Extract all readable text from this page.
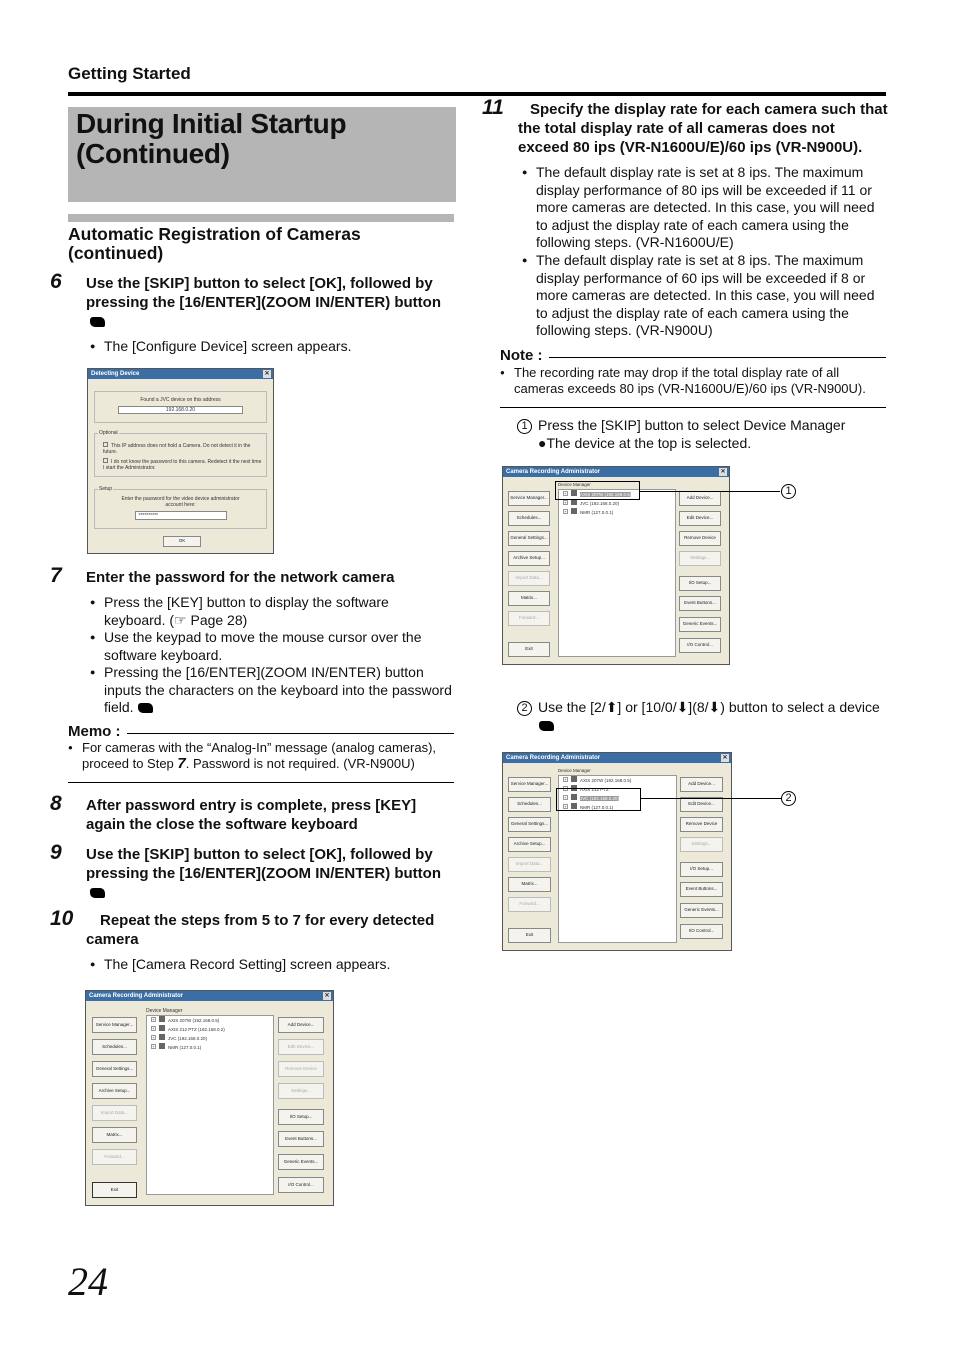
Getting Started
During Initial Startup
(Continued)
Automatic Registration of Cameras
(continued)
6 Use the [SKIP] button to select [OK], followed by pressing the [16/ENTER](ZOOM IN/ENTER) button
● The [Configure Device] screen appears.
Detecting Device	✕
Found a JVC device on this address
192.168.0.20
Optional
This IP address does not hold a Camera. Do not detect it in the future.
I do not know the password to this camera. Redetect it the next time I start the Administrator.
Setup
Enter the password for the video device administrator account here:
**********
OK
7 Enter the password for the network camera
● Press the [KEY] button to display the software keyboard. (☞ Page 28)
● Use the keypad to move the mouse cursor over the software keyboard.
● Pressing the [16/ENTER](ZOOM IN/ENTER) button inputs the characters on the keyboard into the password field.
Memo :
● For cameras with the “Analog-In” message (analog cameras), proceed to Step 7. Password is not required. (VR-N900U)
8 After password entry is complete, press [KEY] again the close the software keyboard
9 Use the [SKIP] button to select [OK], followed by pressing the [16/ENTER](ZOOM IN/ENTER) button
10 Repeat the steps from 5 to 7 for every detected camera
● The [Camera Record Setting] screen appears.
Camera Recording Administrator	✕
Device Manager
+	AXIS 207W (192.168.0.5)
+	AXIS 212 PTZ (192.168.0.2)
+	JVC (192.168.0.20)
+	NMR (127.0.0.1)
Service Manager...
Schedules...
General Settings...
Archive Setup...
Import Data...
Matrix...
Forward...
Exit
Add Device...
Edit Device...
Remove Device
Settings...
I/O Setup...
Event Buttons...
Generic Events...
I/O Control...
24
11 Specify the display rate for each camera such that the total display rate of all cameras does not exceed 80 ips (VR-N1600U/E)/60 ips (VR-N900U).
● The default display rate is set at 8 ips. The maximum display performance of 80 ips will be exceeded if 11 or more cameras are detected. In this case, you will need to adjust the display rate of each camera using the following steps. (VR-N1600U/E)
● The default display rate is set at 8 ips. The maximum display performance of 60 ips will be exceeded if 8 or more cameras are detected. In this case, you will need to adjust the display rate of each camera using the following steps. (VR-N900U)
Note :
● The recording rate may drop if the total display rate of all cameras exceeds 80 ips (VR-N1600U/E)/60 ips (VR-N900U).
1 Press the [SKIP] button to select Device Manager
●The device at the top is selected.
Camera Recording Administrator	✕
Device Manager
+	AXIS 207W (192.168.0.5)
+	JVC (192.168.0.20)
+	NMR (127.0.0.1)
Service Manager...
Schedules...
General Settings...
Archive Setup...
Import Data...
Matrix...
Forward...
Exit
Add Device...
Edit Device...
Remove Device
Settings...
I/O Setup...
Event Buttons...
Generic Events...
I/O Control...
1
2 Use the [2/⬆] or [10/0/⬇](8/⬇) button to select a device

Camera Recording Administrator	✕
Device Manager
+	AXIS 207W (192.168.0.5)
+	AXIS 212 PTZ
+	JVC (192.168.0.20)
+	NMR (127.0.0.1)
Service Manager...
Schedules...
General Settings...
Archive Setup...
Import Data...
Matrix...
Forward...
Exit
Add Device...
Edit Device...
Remove Device
Settings...
I/O Setup...
Event Buttons...
Generic Events...
I/O Control...
2
